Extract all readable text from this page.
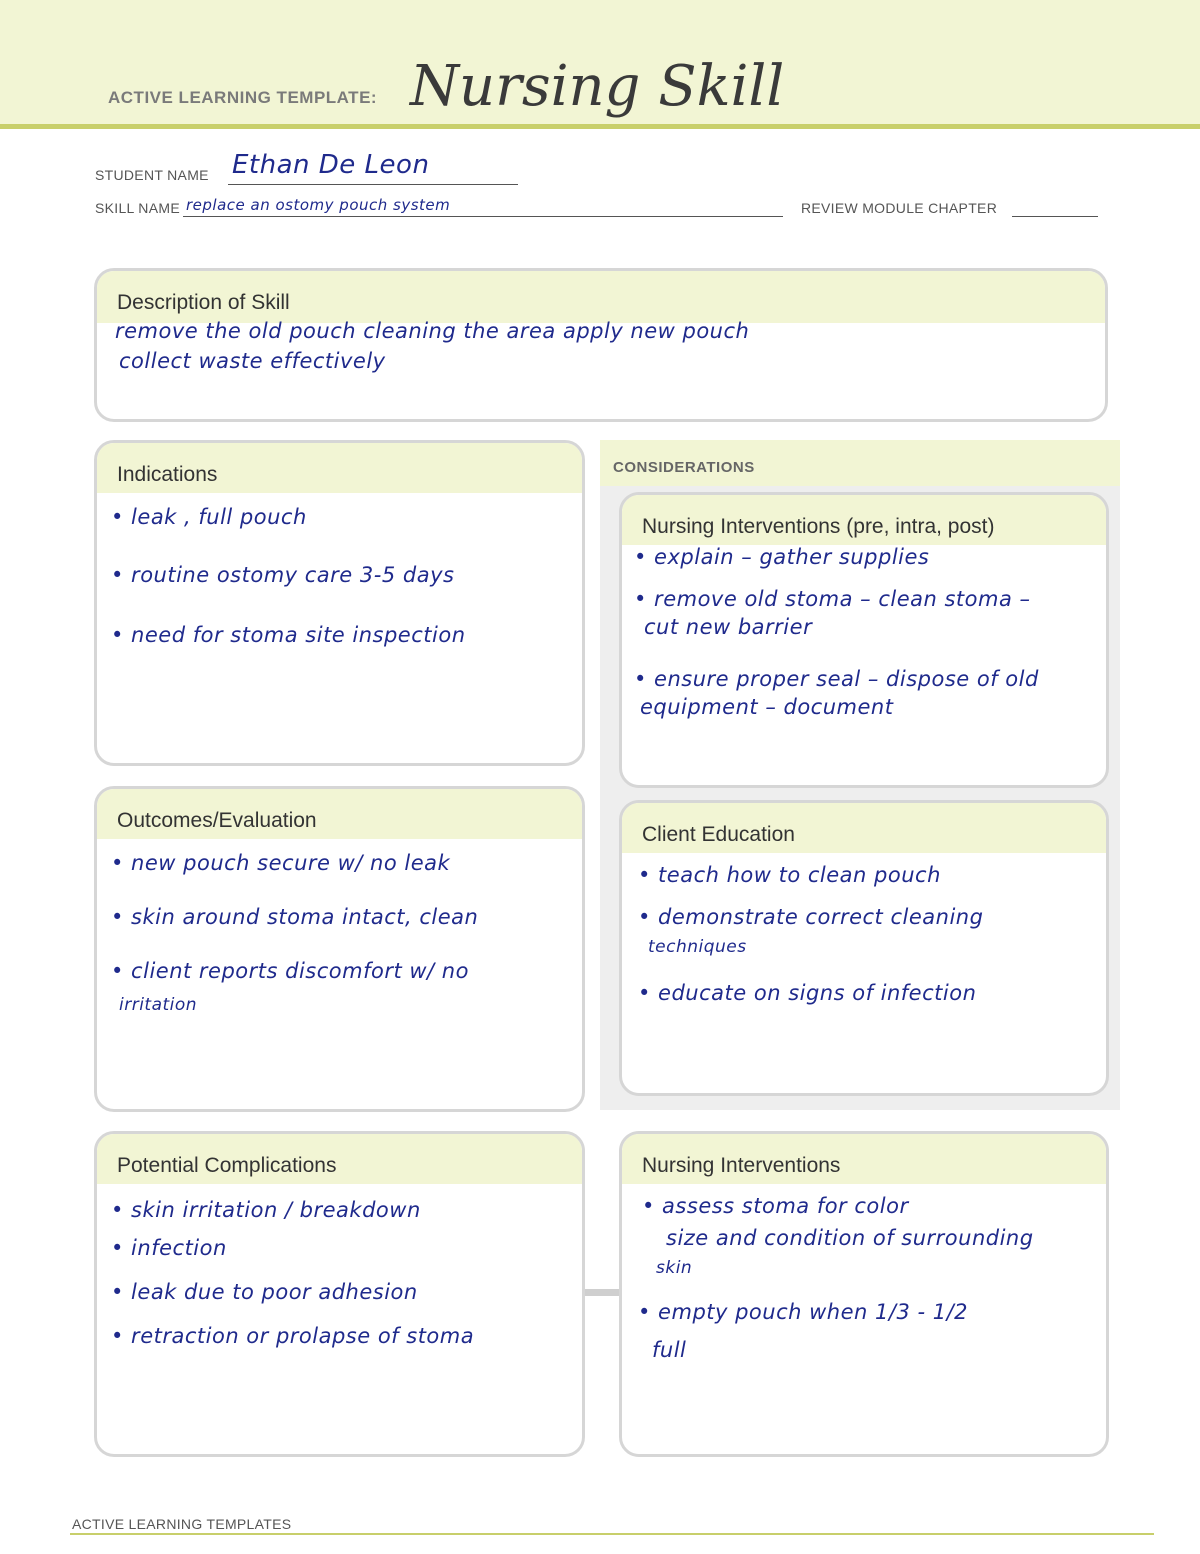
ACTIVE LEARNING TEMPLATE: Nursing Skill
STUDENT NAME Ethan De Leon
SKILL NAME replace an ostomy pouch system	REVIEW MODULE CHAPTER
Description of Skill
remove the old pouch cleaning the area apply new pouch
collect waste effectively
CONSIDERATIONS
Indications
• leak , full pouch
• routine ostomy care 3-5 days
• need for stoma site inspection
Nursing Interventions (pre, intra, post)
• explain – gather supplies
• remove old stoma – clean stoma –
cut new barrier
• ensure proper seal – dispose of old
equipment – document
Outcomes/Evaluation
• new pouch secure w/ no leak
• skin around stoma intact, clean
• client reports discomfort w/ no
irritation
Client Education
• teach how to clean pouch
• demonstrate correct cleaning
techniques
• educate on signs of infection
Potential Complications
• skin irritation / breakdown
• infection
• leak due to poor adhesion
• retraction or prolapse of stoma
Nursing Interventions
• assess stoma for color
size and condition of surrounding
skin
• empty pouch when 1/3 - 1/2
full
ACTIVE LEARNING TEMPLATES
